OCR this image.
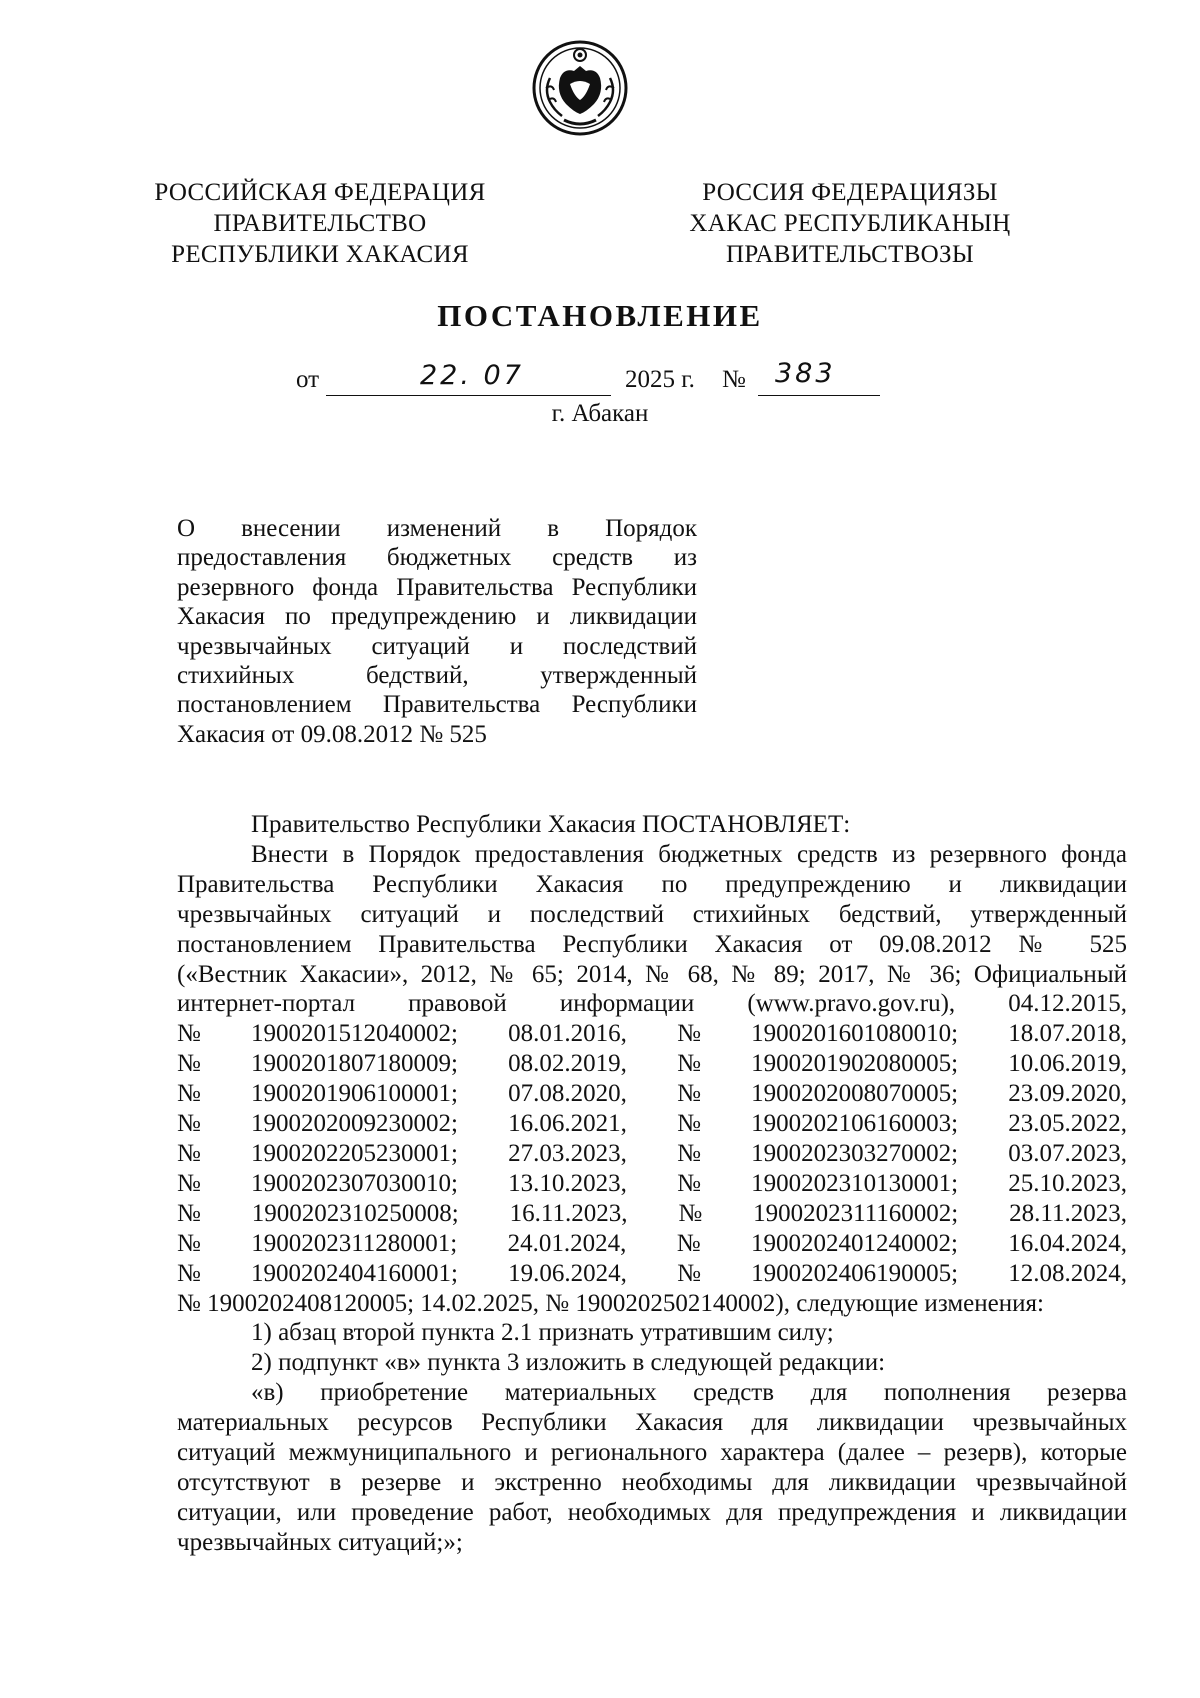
РОССИЙСКАЯ ФЕДЕРАЦИЯ
ПРАВИТЕЛЬСТВО
РЕСПУБЛИКИ ХАКАСИЯ
РОССИЯ ФЕДЕРАЦИЯЗЫ
ХАКАС РЕСПУБЛИКАНЫҢ
ПРАВИТЕЛЬСТВОЗЫ
ПОСТАНОВЛЕНИЕ
от	22. 07	2025 г. № 383
г. Абакан
О внесении изменений в Порядок
предоставления бюджетных средств из
резервного фонда Правительства Республики
Хакасия по предупреждению и ликвидации
чрезвычайных ситуаций и последствий
стихийных бедствий, утвержденный
постановлением Правительства Республики
Хакасия от 09.08.2012 № 525
Правительство Республики Хакасия ПОСТАНОВЛЯЕТ:
Внести в Порядок предоставления бюджетных средств из резервного фонда
Правительства Республики Хакасия по предупреждению и ликвидации
чрезвычайных ситуаций и последствий стихийных бедствий, утвержденный
постановлением Правительства Республики Хакасия от 09.08.2012 № 525
(«Вестник Хакасии», 2012, № 65; 2014, № 68, № 89; 2017, № 36; Официальный
интернет-портал правовой информации (www.pravo.gov.ru), 04.12.2015,
№ 1900201512040002; 08.01.2016, № 1900201601080010; 18.07.2018,
№ 1900201807180009; 08.02.2019, № 1900201902080005; 10.06.2019,
№ 1900201906100001; 07.08.2020, № 1900202008070005; 23.09.2020,
№ 1900202009230002; 16.06.2021, № 1900202106160003; 23.05.2022,
№ 1900202205230001; 27.03.2023, № 1900202303270002; 03.07.2023,
№ 1900202307030010; 13.10.2023, № 1900202310130001; 25.10.2023,
№ 1900202310250008; 16.11.2023, № 1900202311160002; 28.11.2023,
№ 1900202311280001; 24.01.2024, № 1900202401240002; 16.04.2024,
№ 1900202404160001; 19.06.2024, № 1900202406190005; 12.08.2024,
№ 1900202408120005; 14.02.2025, № 1900202502140002), следующие изменения:
1) абзац второй пункта 2.1 признать утратившим силу;
2) подпункт «в» пункта 3 изложить в следующей редакции:
«в) приобретение материальных средств для пополнения резерва
материальных ресурсов Республики Хакасия для ликвидации чрезвычайных
ситуаций межмуниципального и регионального характера (далее – резерв), которые
отсутствуют в резерве и экстренно необходимы для ликвидации чрезвычайной
ситуации, или проведение работ, необходимых для предупреждения и ликвидации
чрезвычайных ситуаций;»;
